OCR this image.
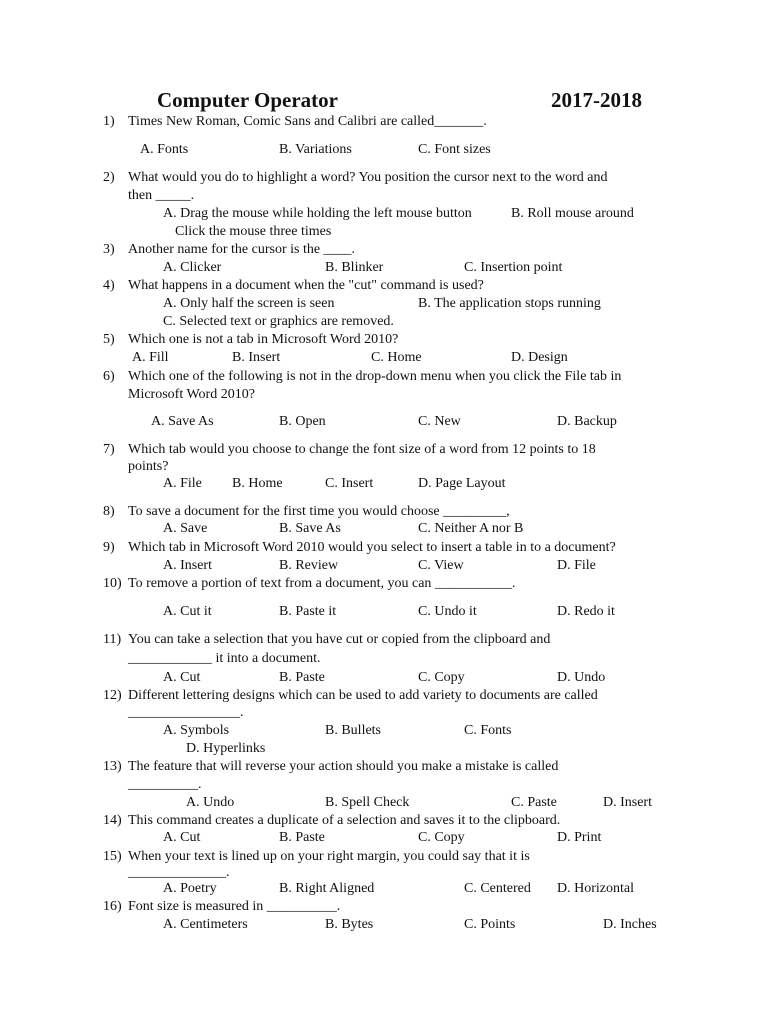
Computer Operator	2017-2018
1) Times New Roman, Comic Sans and Calibri are called_______.
A. Fonts	B. Variations	C. Font sizes
2) What would you do to highlight a word? You position the cursor next to the word and
then _____.
A. Drag the mouse while holding the left mouse button	B. Roll mouse around
Click the mouse three times
3) Another name for the cursor is the ____.
A. Clicker	B. Blinker	C. Insertion point
4) What happens in a document when the "cut" command is used?
A. Only half the screen is seen	B. The application stops running
C. Selected text or graphics are removed.
5) Which one is not a tab in Microsoft Word 2010?
A. Fill	B. Insert	C. Home	D. Design
6) Which one of the following is not in the drop-down menu when you click the File tab in
Microsoft Word 2010?
A. Save As	B. Open	C. New	D. Backup
7) Which tab would you choose to change the font size of a word from 12 points to 18
points?
A. File B. Home	C. Insert	D. Page Layout
8) To save a document for the first time you would choose _________,
A. Save	B. Save As	C. Neither A nor B
9) Which tab in Microsoft Word 2010 would you select to insert a table in to a document?
A. Insert	B. Review	C. View	D. File
10) To remove a portion of text from a document, you can ___________.
A. Cut it	B. Paste it	C. Undo it	D. Redo it
11) You can take a selection that you have cut or copied from the clipboard and
____________ it into a document.
A. Cut	B. Paste	C. Copy	D. Undo
12) Different lettering designs which can be used to add variety to documents are called
________________.
A. Symbols	B. Bullets	C. Fonts
D. Hyperlinks
13) The feature that will reverse your action should you make a mistake is called
__________.
A. Undo	B. Spell Check	C. Paste	D. Insert
14) This command creates a duplicate of a selection and saves it to the clipboard.
A. Cut	B. Paste	C. Copy	D. Print
15) When your text is lined up on your right margin, you could say that it is
______________.
A. Poetry	B. Right Aligned	C. Centered D. Horizontal
16) Font size is measured in __________.
A. Centimeters	B. Bytes	C. Points	D. Inches
